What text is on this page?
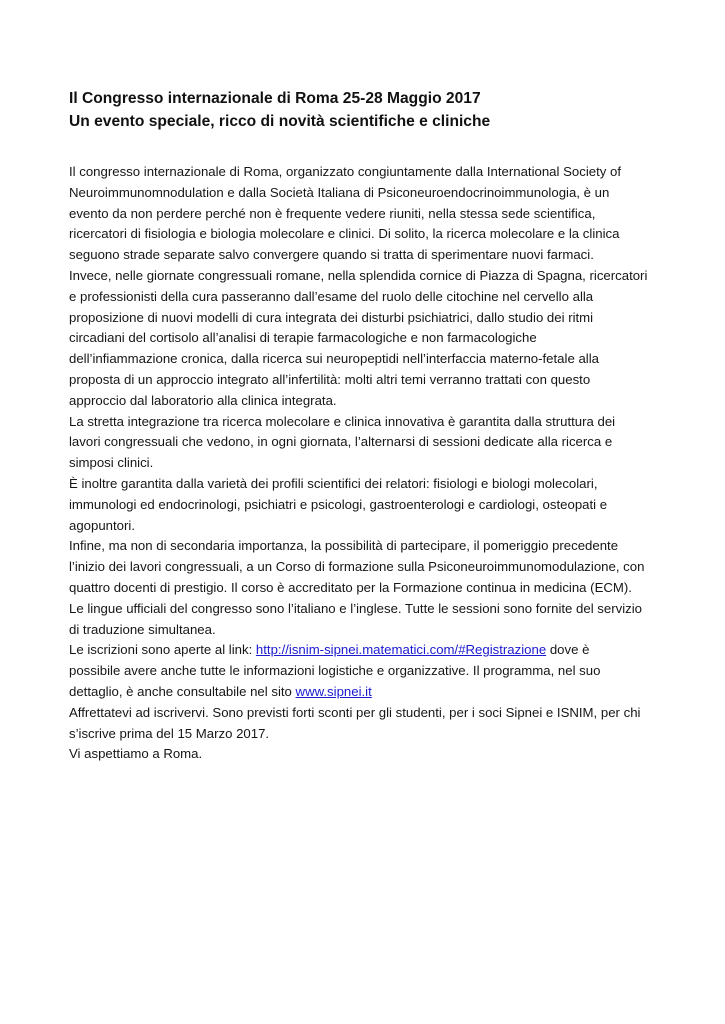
Il Congresso internazionale di Roma 25-28 Maggio 2017
Un evento speciale, ricco di novità scientifiche e cliniche
Il congresso internazionale di Roma, organizzato congiuntamente dalla International Society of
Neuroimmunomnodulation e dalla Società Italiana di Psiconeuroendocrinoimmunologia, è un
evento da non perdere perché non è frequente vedere riuniti, nella stessa sede scientifica,
ricercatori di fisiologia e biologia molecolare e clinici. Di solito, la ricerca molecolare e la clinica
seguono strade separate salvo convergere quando si tratta di sperimentare nuovi farmaci.
Invece, nelle giornate congressuali romane, nella splendida cornice di Piazza di Spagna, ricercatori
e professionisti della cura passeranno dall’esame del ruolo delle citochine nel cervello alla
proposizione di nuovi modelli di cura integrata dei disturbi psichiatrici, dallo studio dei ritmi
circadiani del cortisolo all’analisi di terapie farmacologiche e non farmacologiche
dell’infiammazione cronica, dalla ricerca sui neuropeptidi nell’interfaccia materno-fetale alla
proposta di un approccio integrato all’infertilità: molti altri temi verranno trattati con questo
approccio dal laboratorio alla clinica integrata.
La stretta integrazione tra ricerca molecolare e clinica innovativa è garantita dalla struttura dei
lavori congressuali che vedono, in ogni giornata, l’alternarsi di sessioni dedicate alla ricerca e
simposi clinici.
È inoltre garantita dalla varietà dei profili scientifici dei relatori: fisiologi e biologi molecolari,
immunologi ed endocrinologi, psichiatri e psicologi, gastroenterologi e cardiologi, osteopati e
agopuntori.
Infine, ma non di secondaria importanza, la possibilità di partecipare, il pomeriggio precedente
l’inizio dei lavori congressuali, a un Corso di formazione sulla Psiconeuroimmunomodulazione, con
quattro docenti di prestigio. Il corso è accreditato per la Formazione continua in medicina (ECM).
Le lingue ufficiali del congresso sono l’italiano e l’inglese. Tutte le sessioni sono fornite del servizio
di traduzione simultanea.
Le iscrizioni sono aperte al link: http://isnim-sipnei.matematici.com/#Registrazione dove è
possibile avere anche tutte le informazioni logistiche e organizzative. Il programma, nel suo
dettaglio, è anche consultabile nel sito www.sipnei.it
Affrettatevi ad iscrivervi. Sono previsti forti sconti per gli studenti, per i soci Sipnei e ISNIM, per chi
s’iscrive prima del 15 Marzo 2017.
Vi aspettiamo a Roma.
